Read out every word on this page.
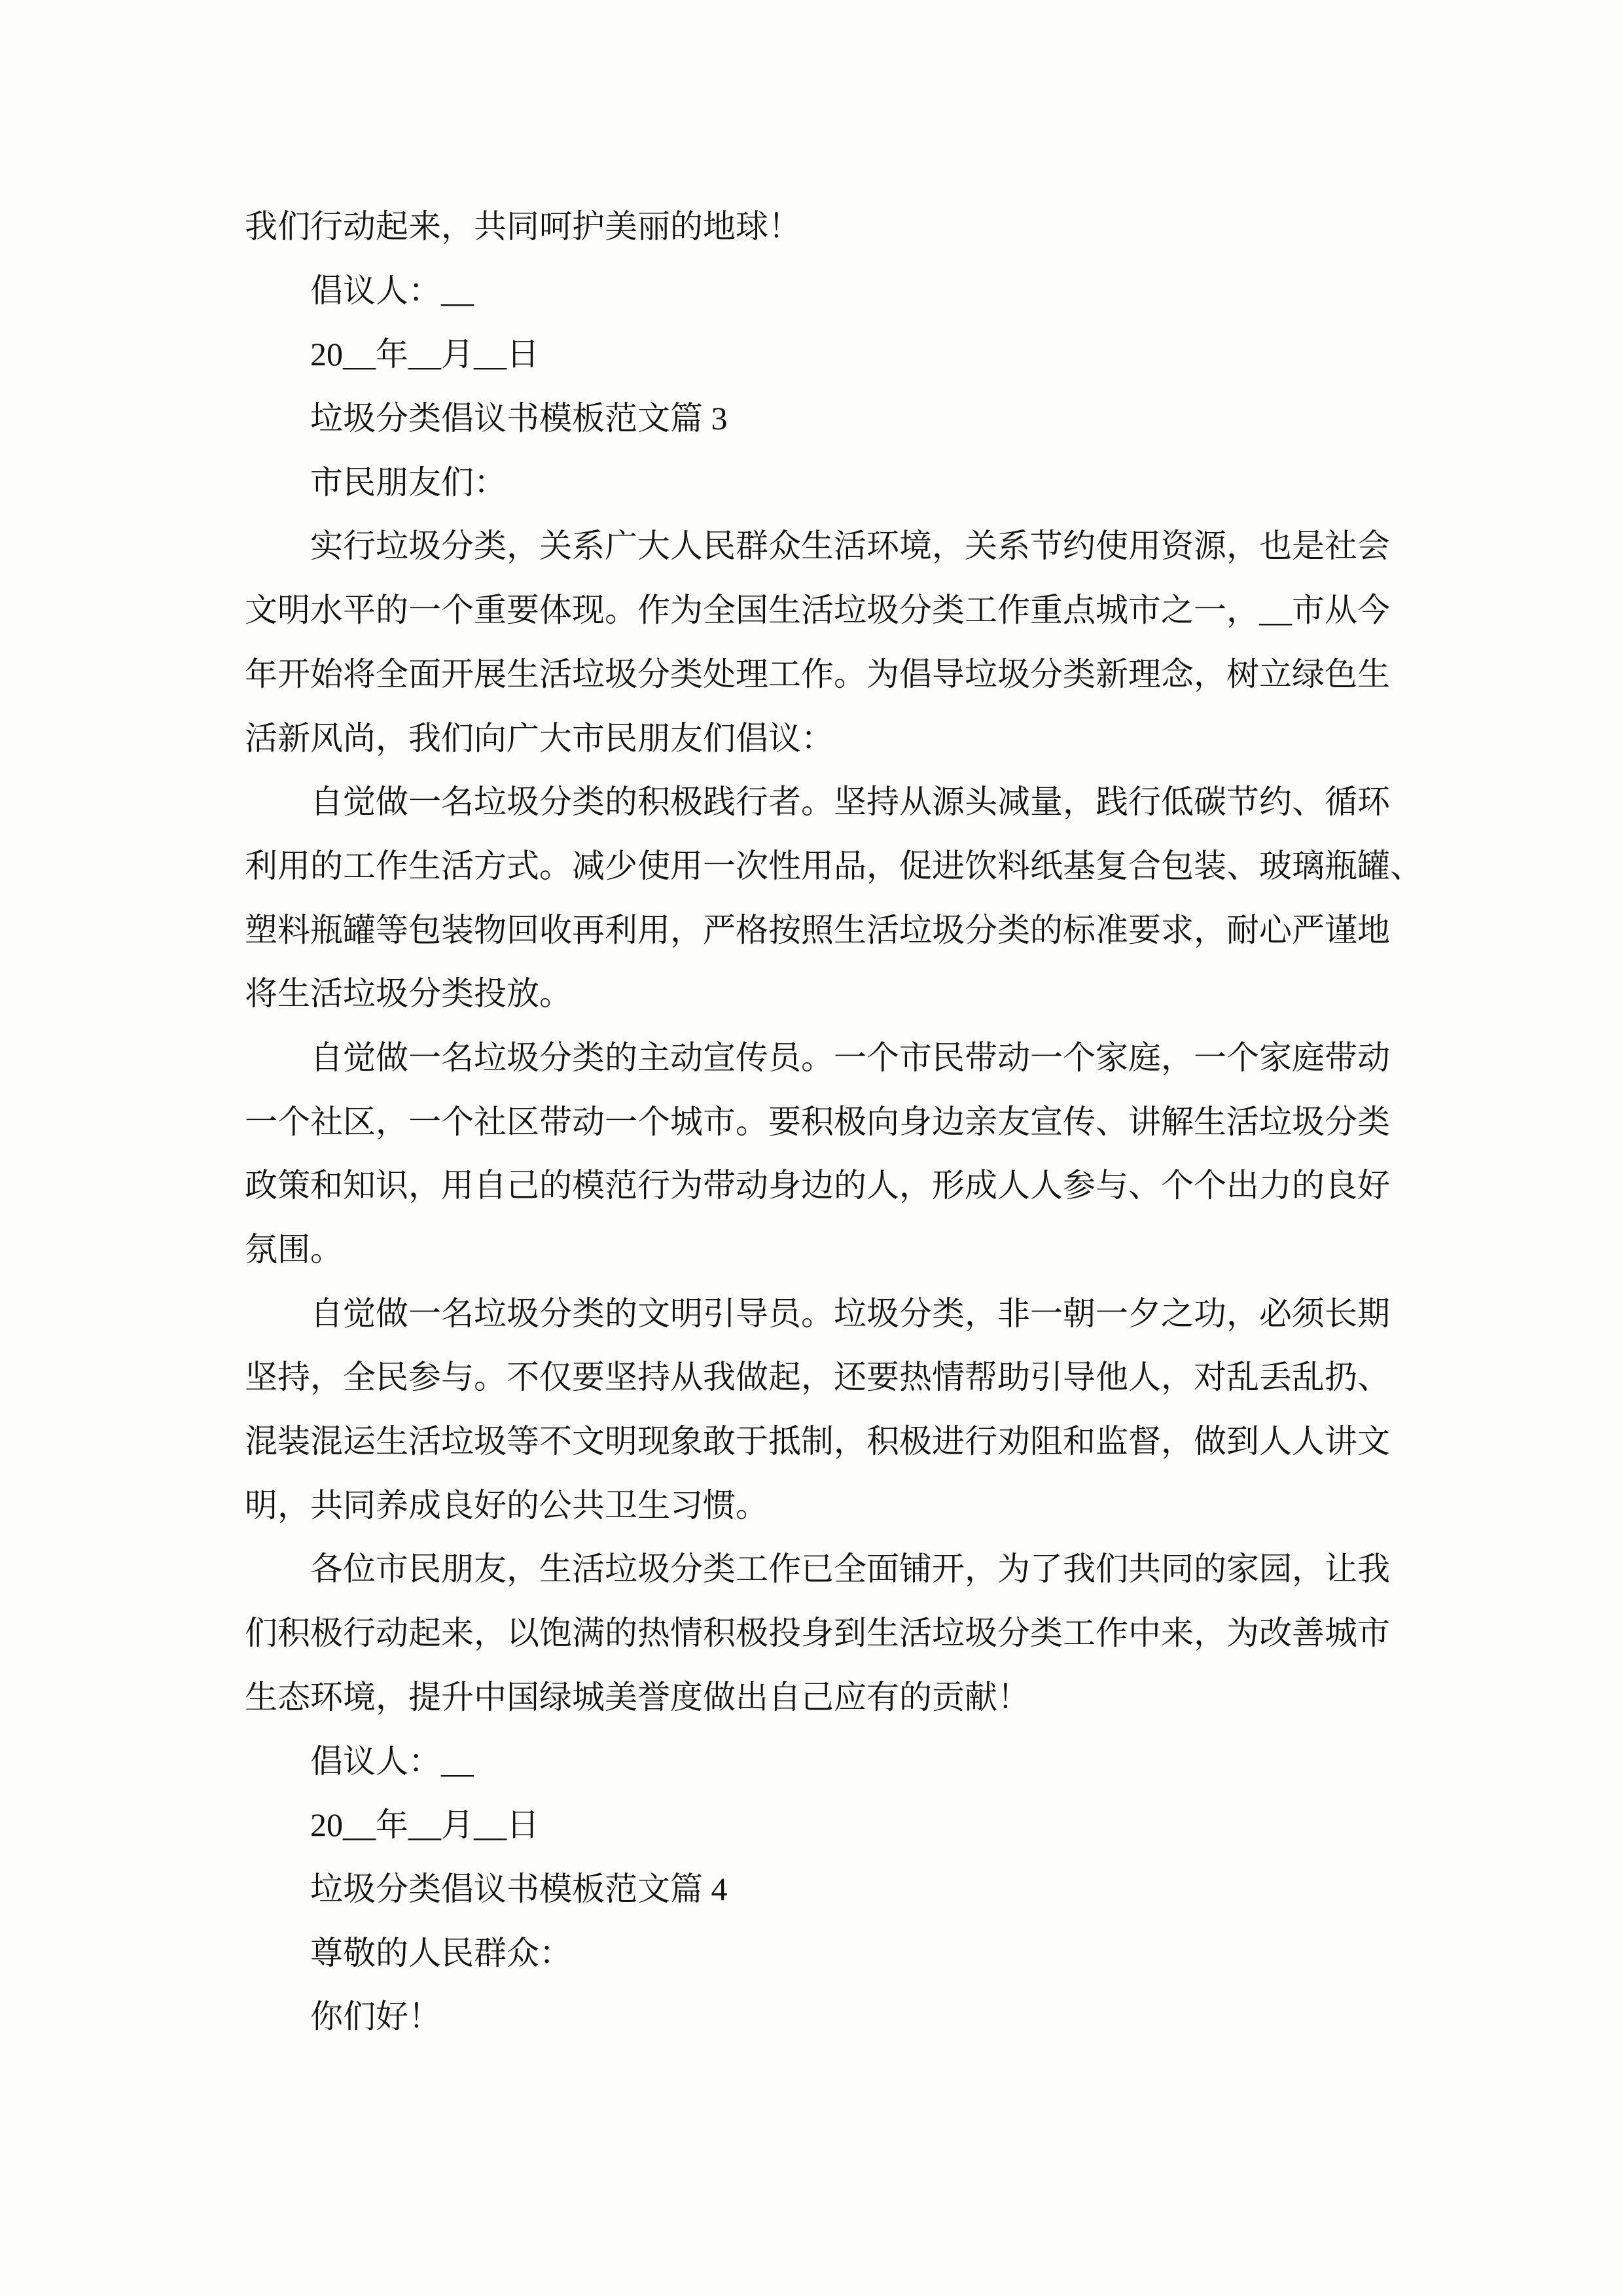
我们行动起来，共同呵护美丽的地球！
倡议人：__
20__年__月__日
垃圾分类倡议书模板范文篇 3
市民朋友们：
实行垃圾分类，关系广大人民群众生活环境，关系节约使用资源，也是社会
文明水平的一个重要体现。作为全国生活垃圾分类工作重点城市之一，__市从今
年开始将全面开展生活垃圾分类处理工作。为倡导垃圾分类新理念，树立绿色生
活新风尚，我们向广大市民朋友们倡议：
自觉做一名垃圾分类的积极践行者。坚持从源头减量，践行低碳节约、循环
利用的工作生活方式。减少使用一次性用品，促进饮料纸基复合包装、玻璃瓶罐、
塑料瓶罐等包装物回收再利用，严格按照生活垃圾分类的标准要求，耐心严谨地
将生活垃圾分类投放。
自觉做一名垃圾分类的主动宣传员。一个市民带动一个家庭，一个家庭带动
一个社区，一个社区带动一个城市。要积极向身边亲友宣传、讲解生活垃圾分类
政策和知识，用自己的模范行为带动身边的人，形成人人参与、个个出力的良好
氛围。
自觉做一名垃圾分类的文明引导员。垃圾分类，非一朝一夕之功，必须长期
坚持，全民参与。不仅要坚持从我做起，还要热情帮助引导他人，对乱丢乱扔、
混装混运生活垃圾等不文明现象敢于抵制，积极进行劝阻和监督，做到人人讲文
明，共同养成良好的公共卫生习惯。
各位市民朋友，生活垃圾分类工作已全面铺开，为了我们共同的家园，让我
们积极行动起来，以饱满的热情积极投身到生活垃圾分类工作中来，为改善城市
生态环境，提升中国绿城美誉度做出自己应有的贡献！
倡议人：__
20__年__月__日
垃圾分类倡议书模板范文篇 4
尊敬的人民群众：
你们好！
